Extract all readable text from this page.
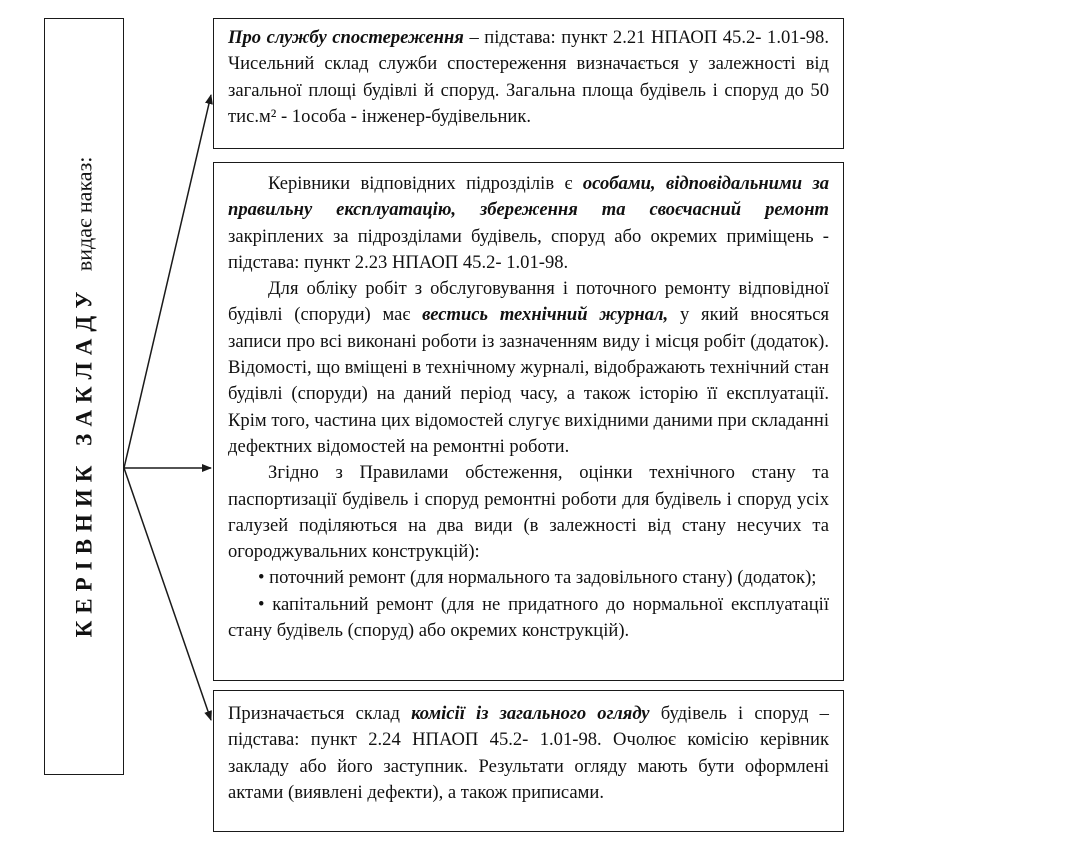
КЕРІВНИК ЗАКЛАДУ видає наказ:

Про службу спостереження – підстава: пункт 2.21 НПАОП 45.2- 1.01-98. Чисельний склад служби спостереження визначається у залежності від загальної площі будівлі й споруд. Загальна площа будівель і споруд до 50 тис.м² - 1особа - інженер-будівельник.

Керівники відповідних підрозділів є особами, відповідальними за правильну експлуатацію, збереження та своєчасний ремонт закріплених за підрозділами будівель, споруд або окремих приміщень - підстава: пункт 2.23 НПАОП 45.2- 1.01-98.

Для обліку робіт з обслуговування і поточного ремонту відповідної будівлі (споруди) має вестись технічний журнал, у який вносяться записи про всі виконані роботи із зазначенням виду і місця робіт (додаток). Відомості, що вміщені в технічному журналі, відображають технічний стан будівлі (споруди) на даний період часу, а також історію її експлуатації. Крім того, частина цих відомостей слугує вихідними даними при складанні дефектних відомостей на ремонтні роботи.

Згідно з Правилами обстеження, оцінки технічного стану та паспортизації будівель і споруд ремонтні роботи для будівель і споруд усіх галузей поділяються на два види (в залежності від стану несучих та огороджувальних конструкцій):

• поточний ремонт (для нормального та задовільного стану) (додаток);

• капітальний ремонт (для не придатного до нормальної експлуатації стану будівель (споруд) або окремих конструкцій).

Призначається склад комісії із загального огляду будівель і споруд – підстава: пункт 2.24 НПАОП 45.2- 1.01-98. Очолює комісію керівник закладу або його заступник. Результати огляду мають бути оформлені актами (виявлені дефекти), а також приписами.
